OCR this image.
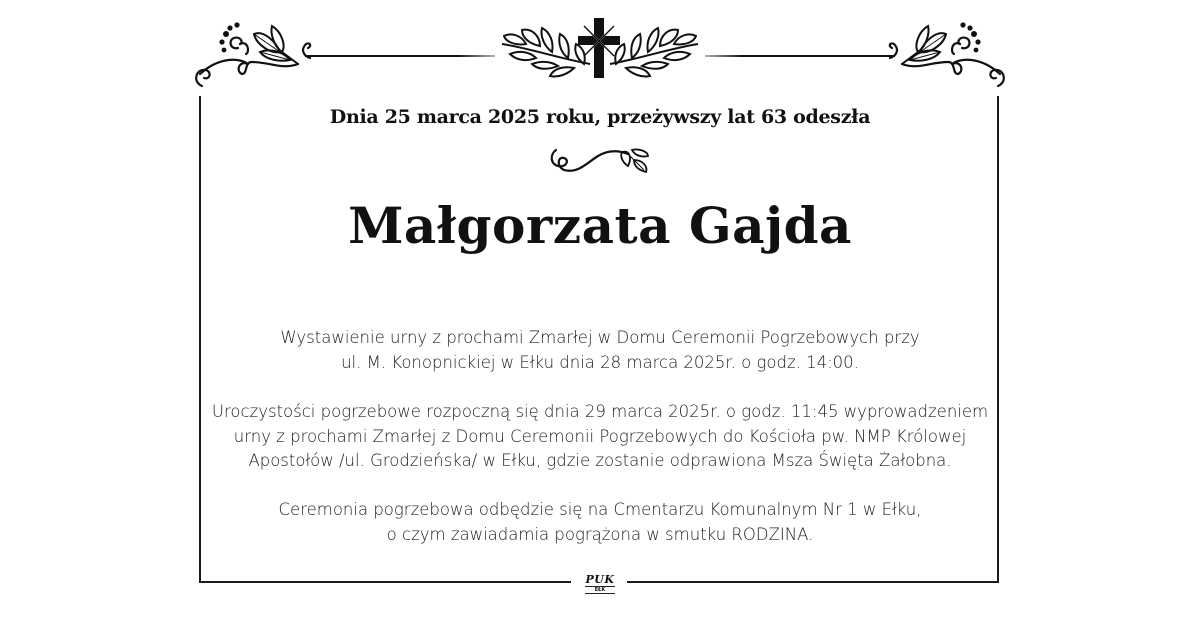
Dnia 25 marca 2025 roku, przeżywszy lat 63 odeszła
Małgorzata Gajda
Wystawienie urny z prochami Zmarłej w Domu Ceremonii Pogrzebowych przy
ul. M. Konopnickiej w Ełku dnia 28 marca 2025r. o godz. 14:00.
Uroczystości pogrzebowe rozpoczną się dnia 29 marca 2025r. o godz. 11:45 wyprowadzeniem
urny z prochami Zmarłej z Domu Ceremonii Pogrzebowych do Kościoła pw. NMP Królowej
Apostołów /ul. Grodzieńska/ w Ełku, gdzie zostanie odprawiona Msza Święta Żałobna.
Ceremonia pogrzebowa odbędzie się na Cmentarzu Komunalnym Nr 1 w Ełku,
o czym zawiadamia pogrążona w smutku RODZINA.
PUK
EŁK
